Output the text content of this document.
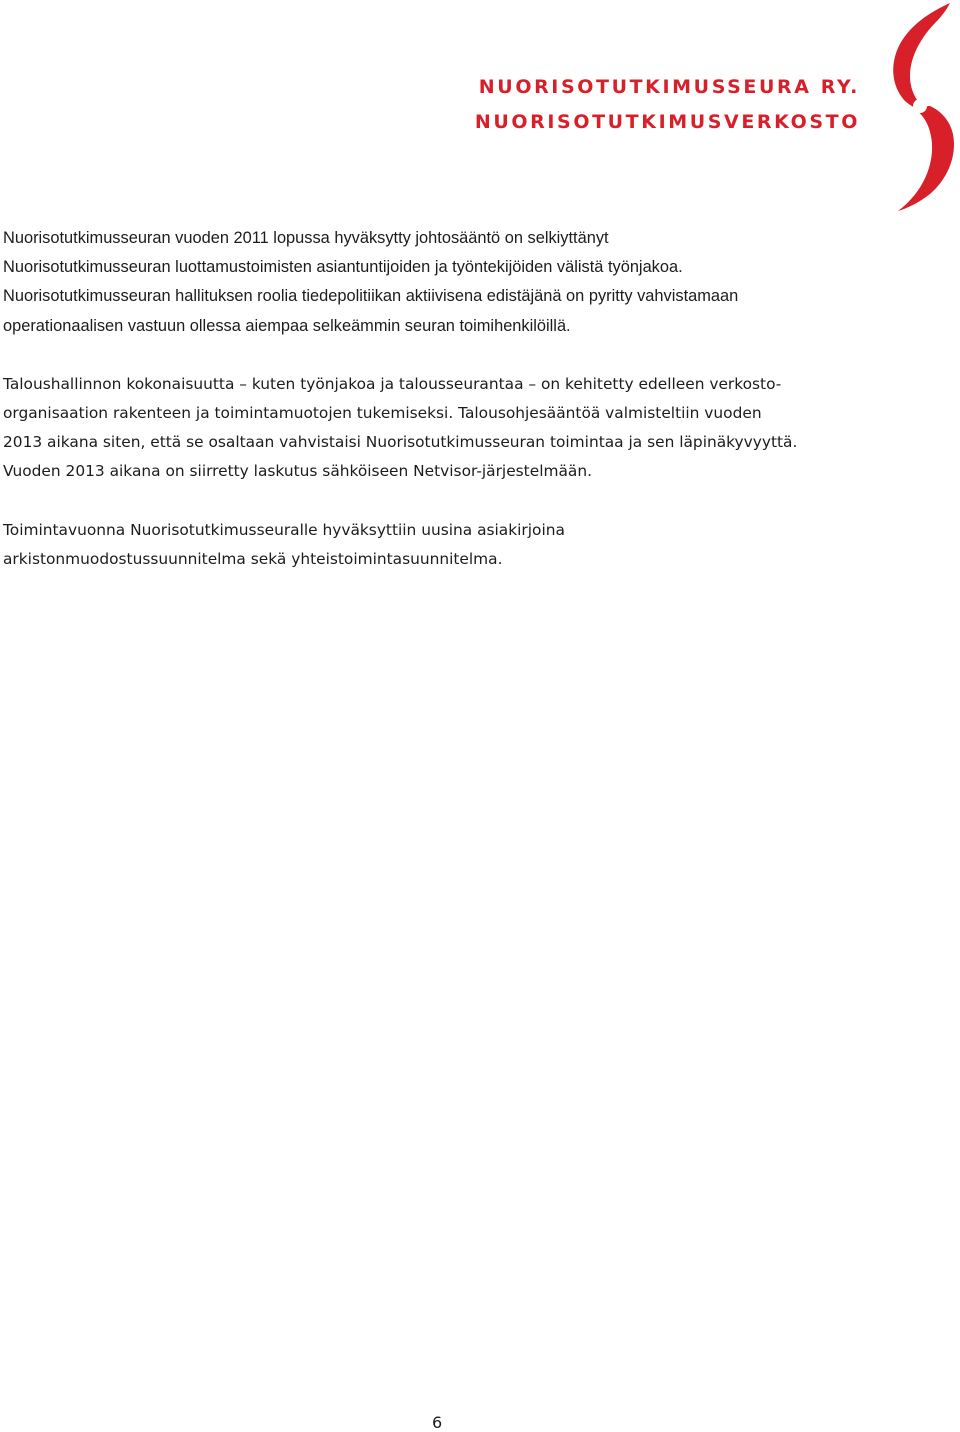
NUORISOTUTKIMUSSEURA RY.
NUORISOTUTKIMUSVERKOSTO

Nuorisotutkimusseuran vuoden 2011 lopussa hyväksytty johtosääntö on selkiyttänyt
Nuorisotutkimusseuran luottamustoimisten asiantuntijoiden ja työntekijöiden välistä työnjakoa.
Nuorisotutkimusseuran hallituksen roolia tiedepolitiikan aktiivisena edistäjänä on pyritty vahvistamaan
operationaalisen vastuun ollessa aiempaa selkeämmin seuran toimihenkilöillä.

Taloushallinnon kokonaisuutta – kuten työnjakoa ja talousseurantaa – on kehitetty edelleen verkosto-
organisaation rakenteen ja toimintamuotojen tukemiseksi. Talousohjesääntöä valmisteltiin vuoden
2013 aikana siten, että se osaltaan vahvistaisi Nuorisotutkimusseuran toimintaa ja sen läpinäkyvyyttä.
Vuoden 2013 aikana on siirretty laskutus sähköiseen Netvisor-järjestelmään.

Toimintavuonna Nuorisotutkimusseuralle hyväksyttiin uusina asiakirjoina
arkistonmuodostussuunnitelma sekä yhteistoimintasuunnitelma.

6
